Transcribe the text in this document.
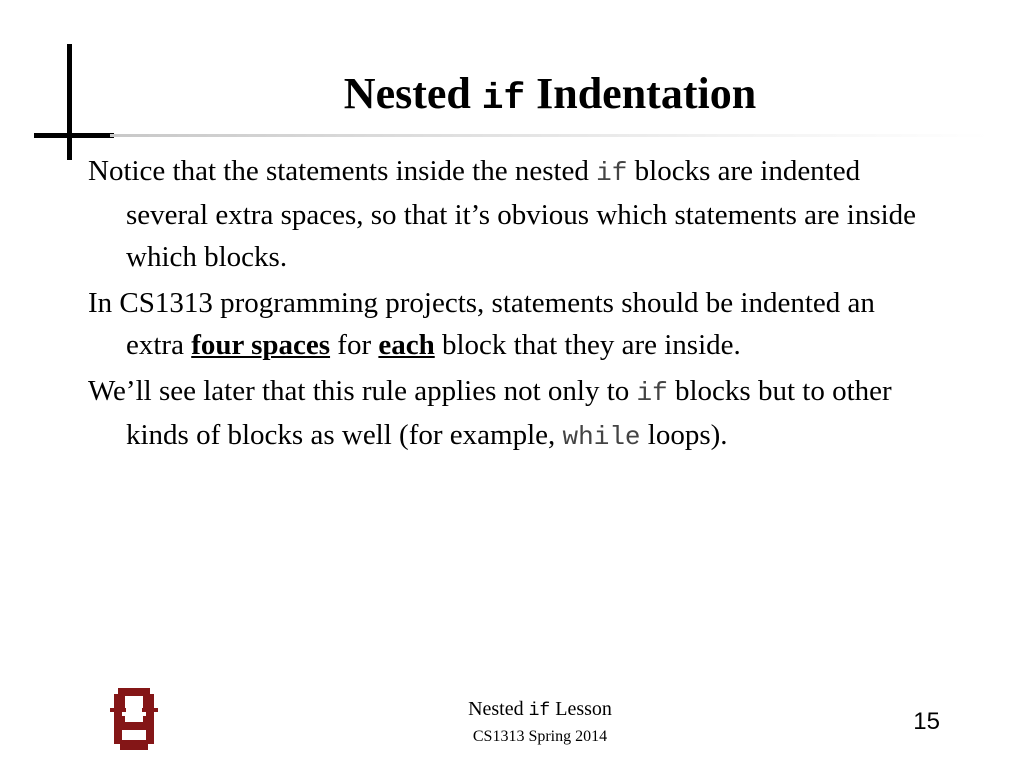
Nested if Indentation

Notice that the statements inside the nested if blocks are indented several extra spaces, so that it’s obvious which statements are inside which blocks.

In CS1313 programming projects, statements should be indented an extra four spaces for each block that they are inside.

We’ll see later that this rule applies not only to if blocks but to other kinds of blocks as well (for example, while loops).

Nested if Lesson
CS1313 Spring 2014
15
